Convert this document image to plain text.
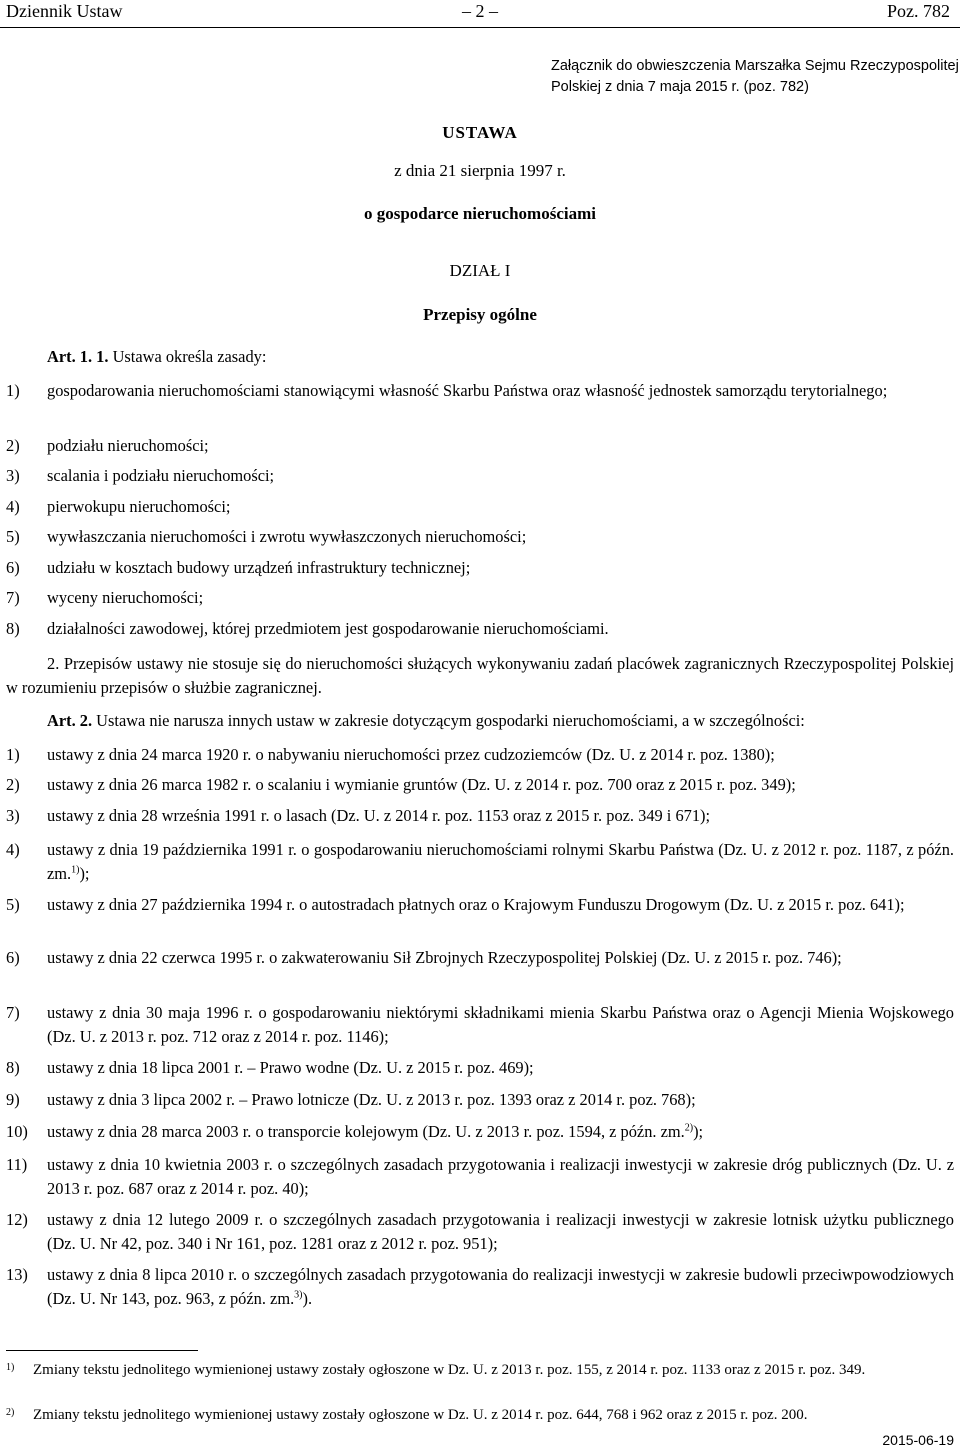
Dziennik Ustaw	– 2 –	Poz. 782
Załącznik do obwieszczenia Marszałka Sejmu Rzeczypospolitej
Polskiej z dnia 7 maja 2015 r. (poz. 782)
USTAWA
z dnia 21 sierpnia 1997 r.
o gospodarce nieruchomościami
DZIAŁ I
Przepisy ogólne
Art. 1. 1. Ustawa określa zasady:
1) gospodarowania nieruchomościami stanowiącymi własność Skarbu Państwa oraz własność jednostek samorządu terytorialnego;
2) podziału nieruchomości;
3) scalania i podziału nieruchomości;
4) pierwokupu nieruchomości;
5) wywłaszczania nieruchomości i zwrotu wywłaszczonych nieruchomości;
6) udziału w kosztach budowy urządzeń infrastruktury technicznej;
7) wyceny nieruchomości;
8) działalności zawodowej, której przedmiotem jest gospodarowanie nieruchomościami.
2. Przepisów ustawy nie stosuje się do nieruchomości służących wykonywaniu zadań placówek zagranicznych Rzeczypospolitej Polskiej w rozumieniu przepisów o służbie zagranicznej.
Art. 2. Ustawa nie narusza innych ustaw w zakresie dotyczącym gospodarki nieruchomościami, a w szczególności:
1) ustawy z dnia 24 marca 1920 r. o nabywaniu nieruchomości przez cudzoziemców (Dz. U. z 2014 r. poz. 1380);
2) ustawy z dnia 26 marca 1982 r. o scalaniu i wymianie gruntów (Dz. U. z 2014 r. poz. 700 oraz z 2015 r. poz. 349);
3) ustawy z dnia 28 września 1991 r. o lasach (Dz. U. z 2014 r. poz. 1153 oraz z 2015 r. poz. 349 i 671);
4) ustawy z dnia 19 października 1991 r. o gospodarowaniu nieruchomościami rolnymi Skarbu Państwa (Dz. U. z 2012 r. poz. 1187, z późn. zm.$^{1)}$);
5) ustawy z dnia 27 października 1994 r. o autostradach płatnych oraz o Krajowym Funduszu Drogowym (Dz. U. z 2015 r. poz. 641);
6) ustawy z dnia 22 czerwca 1995 r. o zakwaterowaniu Sił Zbrojnych Rzeczypospolitej Polskiej (Dz. U. z 2015 r. poz. 746);
7) ustawy z dnia 30 maja 1996 r. o gospodarowaniu niektórymi składnikami mienia Skarbu Państwa oraz o Agencji Mienia Wojskowego (Dz. U. z 2013 r. poz. 712 oraz z 2014 r. poz. 1146);
8) ustawy z dnia 18 lipca 2001 r. – Prawo wodne (Dz. U. z 2015 r. poz. 469);
9) ustawy z dnia 3 lipca 2002 r. – Prawo lotnicze (Dz. U. z 2013 r. poz. 1393 oraz z 2014 r. poz. 768);
10) ustawy z dnia 28 marca 2003 r. o transporcie kolejowym (Dz. U. z 2013 r. poz. 1594, z późn. zm.$^{2)}$);
11) ustawy z dnia 10 kwietnia 2003 r. o szczególnych zasadach przygotowania i realizacji inwestycji w zakresie dróg publicznych (Dz. U. z 2013 r. poz. 687 oraz z 2014 r. poz. 40);
12) ustawy z dnia 12 lutego 2009 r. o szczególnych zasadach przygotowania i realizacji inwestycji w zakresie lotnisk użytku publicznego (Dz. U. Nr 42, poz. 340 i Nr 161, poz. 1281 oraz z 2012 r. poz. 951);
13) ustawy z dnia 8 lipca 2010 r. o szczególnych zasadach przygotowania do realizacji inwestycji w zakresie budowli przeciwpowodziowych (Dz. U. Nr 143, poz. 963, z późn. zm.$^{3)}$).
1) Zmiany tekstu jednolitego wymienionej ustawy zostały ogłoszone w Dz. U. z 2013 r. poz. 155, z 2014 r. poz. 1133 oraz z 2015 r. poz. 349.
2) Zmiany tekstu jednolitego wymienionej ustawy zostały ogłoszone w Dz. U. z 2014 r. poz. 644, 768 i 962 oraz z 2015 r. poz. 200.
2015-06-19
